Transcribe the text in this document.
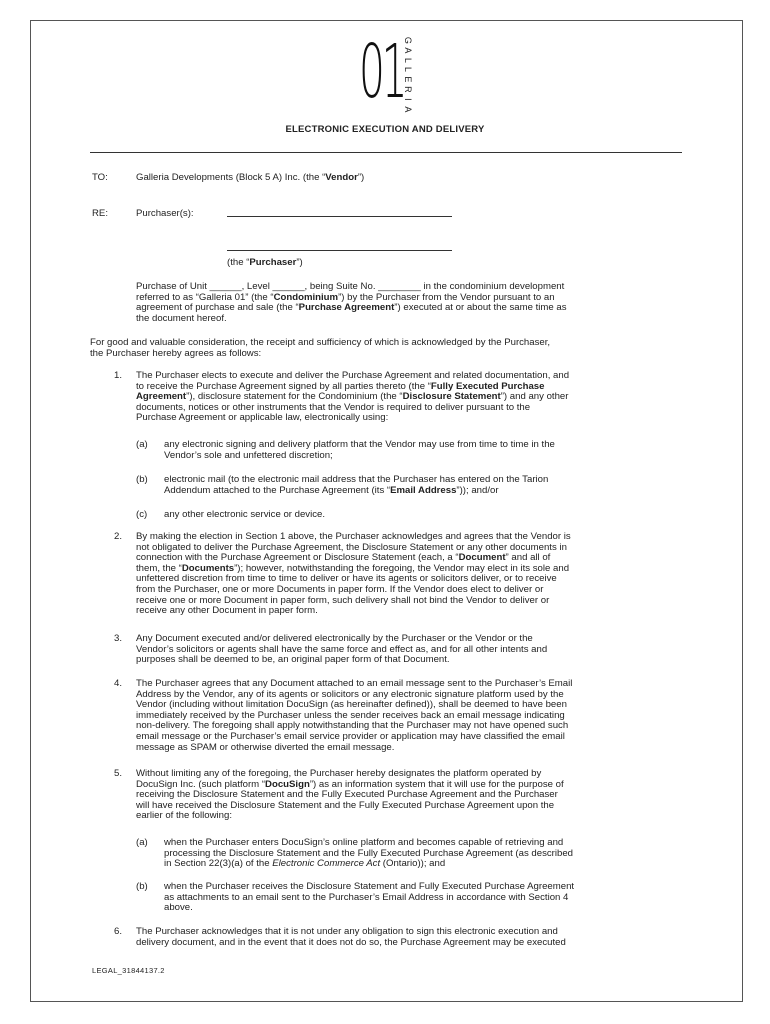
01
G
A
L
L
E
R
I
A
ELECTRONIC EXECUTION AND DELIVERY
TO:	Galleria Developments (Block 5 A) Inc. (the “Vendor”)
RE:	Purchaser(s):
(the “Purchaser”)
Purchase of Unit ______, Level ______, being Suite No. ________ in the condominium development
referred to as “Galleria 01” (the “Condominium”) by the Purchaser from the Vendor pursuant to an
agreement of purchase and sale (the “Purchase Agreement”) executed at or about the same time as
the document hereof.
For good and valuable consideration, the receipt and sufficiency of which is acknowledged by the Purchaser,
the Purchaser hereby agrees as follows:
1. The Purchaser elects to execute and deliver the Purchase Agreement and related documentation, and
to receive the Purchase Agreement signed by all parties thereto (the “Fully Executed Purchase
Agreement”), disclosure statement for the Condominium (the “Disclosure Statement”) and any other
documents, notices or other instruments that the Vendor is required to deliver pursuant to the
Purchase Agreement or applicable law, electronically using:
(a) any electronic signing and delivery platform that the Vendor may use from time to time in the
Vendor’s sole and unfettered discretion;
(b) electronic mail (to the electronic mail address that the Purchaser has entered on the Tarion
Addendum attached to the Purchase Agreement (its “Email Address”)); and/or
(c) any other electronic service or device.
2. By making the election in Section 1 above, the Purchaser acknowledges and agrees that the Vendor is
not obligated to deliver the Purchase Agreement, the Disclosure Statement or any other documents in
connection with the Purchase Agreement or Disclosure Statement (each, a “Document” and all of
them, the “Documents”); however, notwithstanding the foregoing, the Vendor may elect in its sole and
unfettered discretion from time to time to deliver or have its agents or solicitors deliver, or to receive
from the Purchaser, one or more Documents in paper form. If the Vendor does elect to deliver or
receive one or more Document in paper form, such delivery shall not bind the Vendor to deliver or
receive any other Document in paper form.
3. Any Document executed and/or delivered electronically by the Purchaser or the Vendor or the
Vendor’s solicitors or agents shall have the same force and effect as, and for all other intents and
purposes shall be deemed to be, an original paper form of that Document.
4. The Purchaser agrees that any Document attached to an email message sent to the Purchaser’s Email
Address by the Vendor, any of its agents or solicitors or any electronic signature platform used by the
Vendor (including without limitation DocuSign (as hereinafter defined)), shall be deemed to have been
immediately received by the Purchaser unless the sender receives back an email message indicating
non-delivery. The foregoing shall apply notwithstanding that the Purchaser may not have opened such
email message or the Purchaser’s email service provider or application may have classified the email
message as SPAM or otherwise diverted the email message.
5. Without limiting any of the foregoing, the Purchaser hereby designates the platform operated by
DocuSign Inc. (such platform “DocuSign”) as an information system that it will use for the purpose of
receiving the Disclosure Statement and the Fully Executed Purchase Agreement and the Purchaser
will have received the Disclosure Statement and the Fully Executed Purchase Agreement upon the
earlier of the following:
(a) when the Purchaser enters DocuSign’s online platform and becomes capable of retrieving and
processing the Disclosure Statement and the Fully Executed Purchase Agreement (as described
in Section 22(3)(a) of the Electronic Commerce Act (Ontario)); and
(b) when the Purchaser receives the Disclosure Statement and Fully Executed Purchase Agreement
as attachments to an email sent to the Purchaser’s Email Address in accordance with Section 4
above.
6. The Purchaser acknowledges that it is not under any obligation to sign this electronic execution and
delivery document, and in the event that it does not do so, the Purchase Agreement may be executed
LEGAL_31844137.2
